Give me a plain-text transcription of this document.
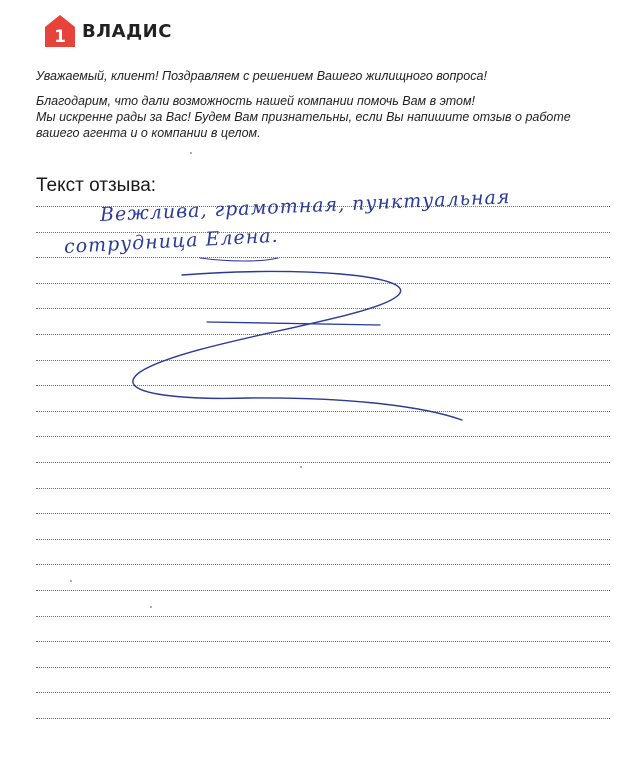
1 ВЛАДИС

Уважаемый, клиент! Поздравляем с решением Вашего жилищного вопроса!

Благодарим, что дали возможность нашей компании помочь Вам в этом!

Мы искренне рады за Вас! Будем Вам признательны, если Вы напишите отзыв о работе

вашего агента и о компании в целом.

Текст отзыва:
Вежлива, грамотная, пунктуальная
сотрудница Елена.
